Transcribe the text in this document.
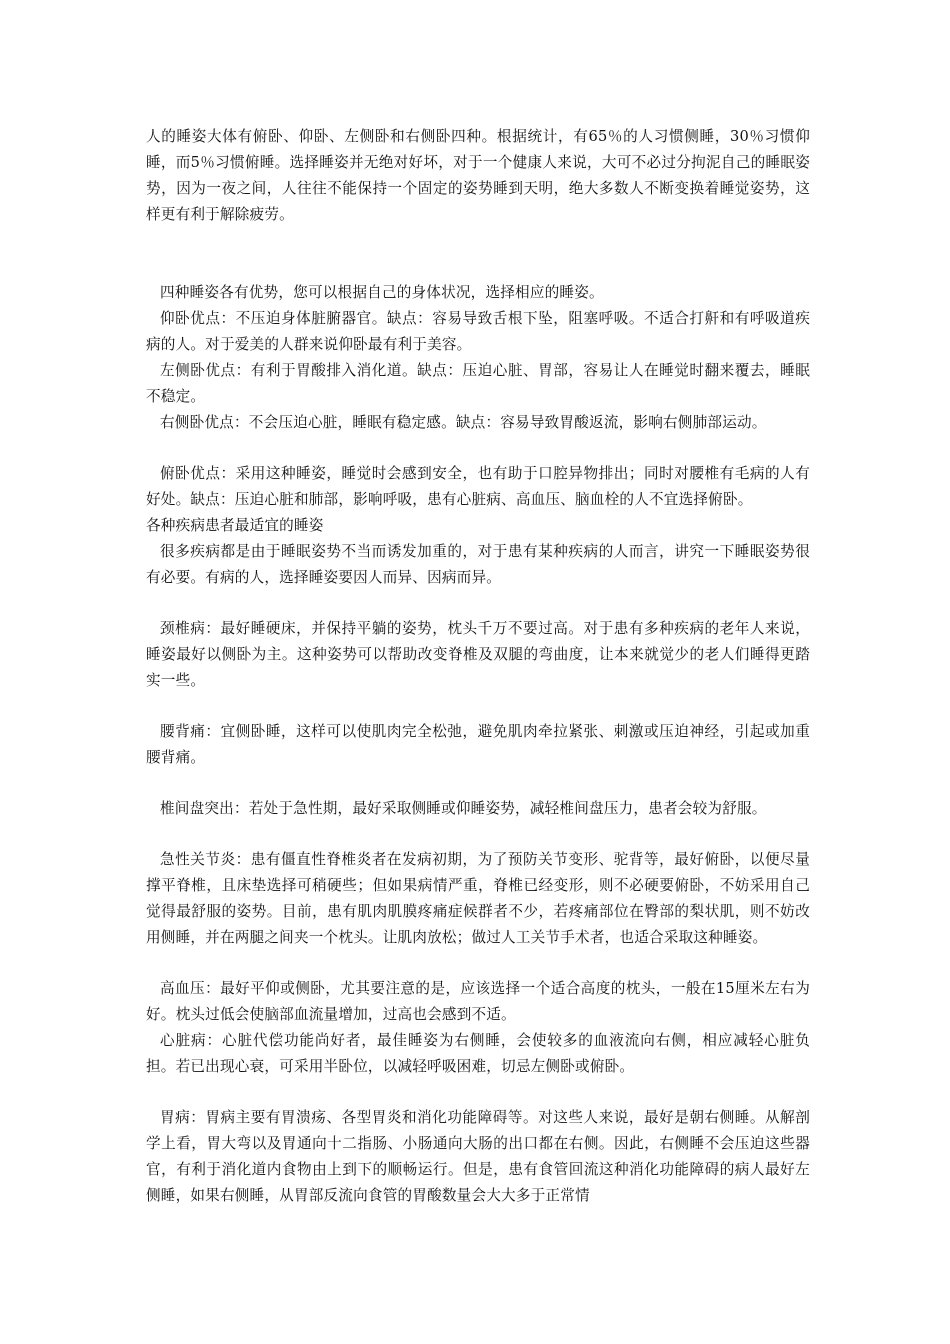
人的睡姿大体有俯卧、仰卧、左侧卧和右侧卧四种。根据统计，有65％的人习惯侧睡，30％习惯仰睡，而5％习惯俯睡。选择睡姿并无绝对好坏，对于一个健康人来说，大可不必过分拘泥自己的睡眠姿势，因为一夜之间，人往往不能保持一个固定的姿势睡到天明，绝大多数人不断变换着睡觉姿势，这样更有利于解除疲劳。

四种睡姿各有优势，您可以根据自己的身体状况，选择相应的睡姿。

仰卧优点：不压迫身体脏腑器官。缺点：容易导致舌根下坠，阻塞呼吸。不适合打鼾和有呼吸道疾病的人。对于爱美的人群来说仰卧最有利于美容。

左侧卧优点：有利于胃酸排入消化道。缺点：压迫心脏、胃部，容易让人在睡觉时翻来覆去，睡眠不稳定。

右侧卧优点：不会压迫心脏，睡眠有稳定感。缺点：容易导致胃酸返流，影响右侧肺部运动。

俯卧优点：采用这种睡姿，睡觉时会感到安全，也有助于口腔异物排出；同时对腰椎有毛病的人有好处。缺点：压迫心脏和肺部，影响呼吸，患有心脏病、高血压、脑血栓的人不宜选择俯卧。

各种疾病患者最适宜的睡姿

很多疾病都是由于睡眠姿势不当而诱发加重的，对于患有某种疾病的人而言，讲究一下睡眠姿势很有必要。有病的人，选择睡姿要因人而异、因病而异。

颈椎病：最好睡硬床，并保持平躺的姿势，枕头千万不要过高。对于患有多种疾病的老年人来说，睡姿最好以侧卧为主。这种姿势可以帮助改变脊椎及双腿的弯曲度，让本来就觉少的老人们睡得更踏实一些。

腰背痛：宜侧卧睡，这样可以使肌肉完全松弛，避免肌肉牵拉紧张、刺激或压迫神经，引起或加重腰背痛。

椎间盘突出：若处于急性期，最好采取侧睡或仰睡姿势，减轻椎间盘压力，患者会较为舒服。

急性关节炎：患有僵直性脊椎炎者在发病初期，为了预防关节变形、驼背等，最好俯卧，以便尽量撑平脊椎，且床垫选择可稍硬些；但如果病情严重，脊椎已经变形，则不必硬要俯卧，不妨采用自己觉得最舒服的姿势。目前，患有肌肉肌膜疼痛症候群者不少，若疼痛部位在臀部的梨状肌，则不妨改用侧睡，并在两腿之间夹一个枕头。让肌肉放松；做过人工关节手术者，也适合采取这种睡姿。

高血压：最好平仰或侧卧，尤其要注意的是，应该选择一个适合高度的枕头，一般在15厘米左右为好。枕头过低会使脑部血流量增加，过高也会感到不适。

心脏病：心脏代偿功能尚好者，最佳睡姿为右侧睡，会使较多的血液流向右侧，相应减轻心脏负担。若已出现心衰，可采用半卧位，以减轻呼吸困难，切忌左侧卧或俯卧。

胃病：胃病主要有胃溃疡、各型胃炎和消化功能障碍等。对这些人来说，最好是朝右侧睡。从解剖学上看，胃大弯以及胃通向十二指肠、小肠通向大肠的出口都在右侧。因此，右侧睡不会压迫这些器官，有利于消化道内食物由上到下的顺畅运行。但是，患有食管回流这种消化功能障碍的病人最好左侧睡，如果右侧睡，从胃部反流向食管的胃酸数量会大大多于正常情
